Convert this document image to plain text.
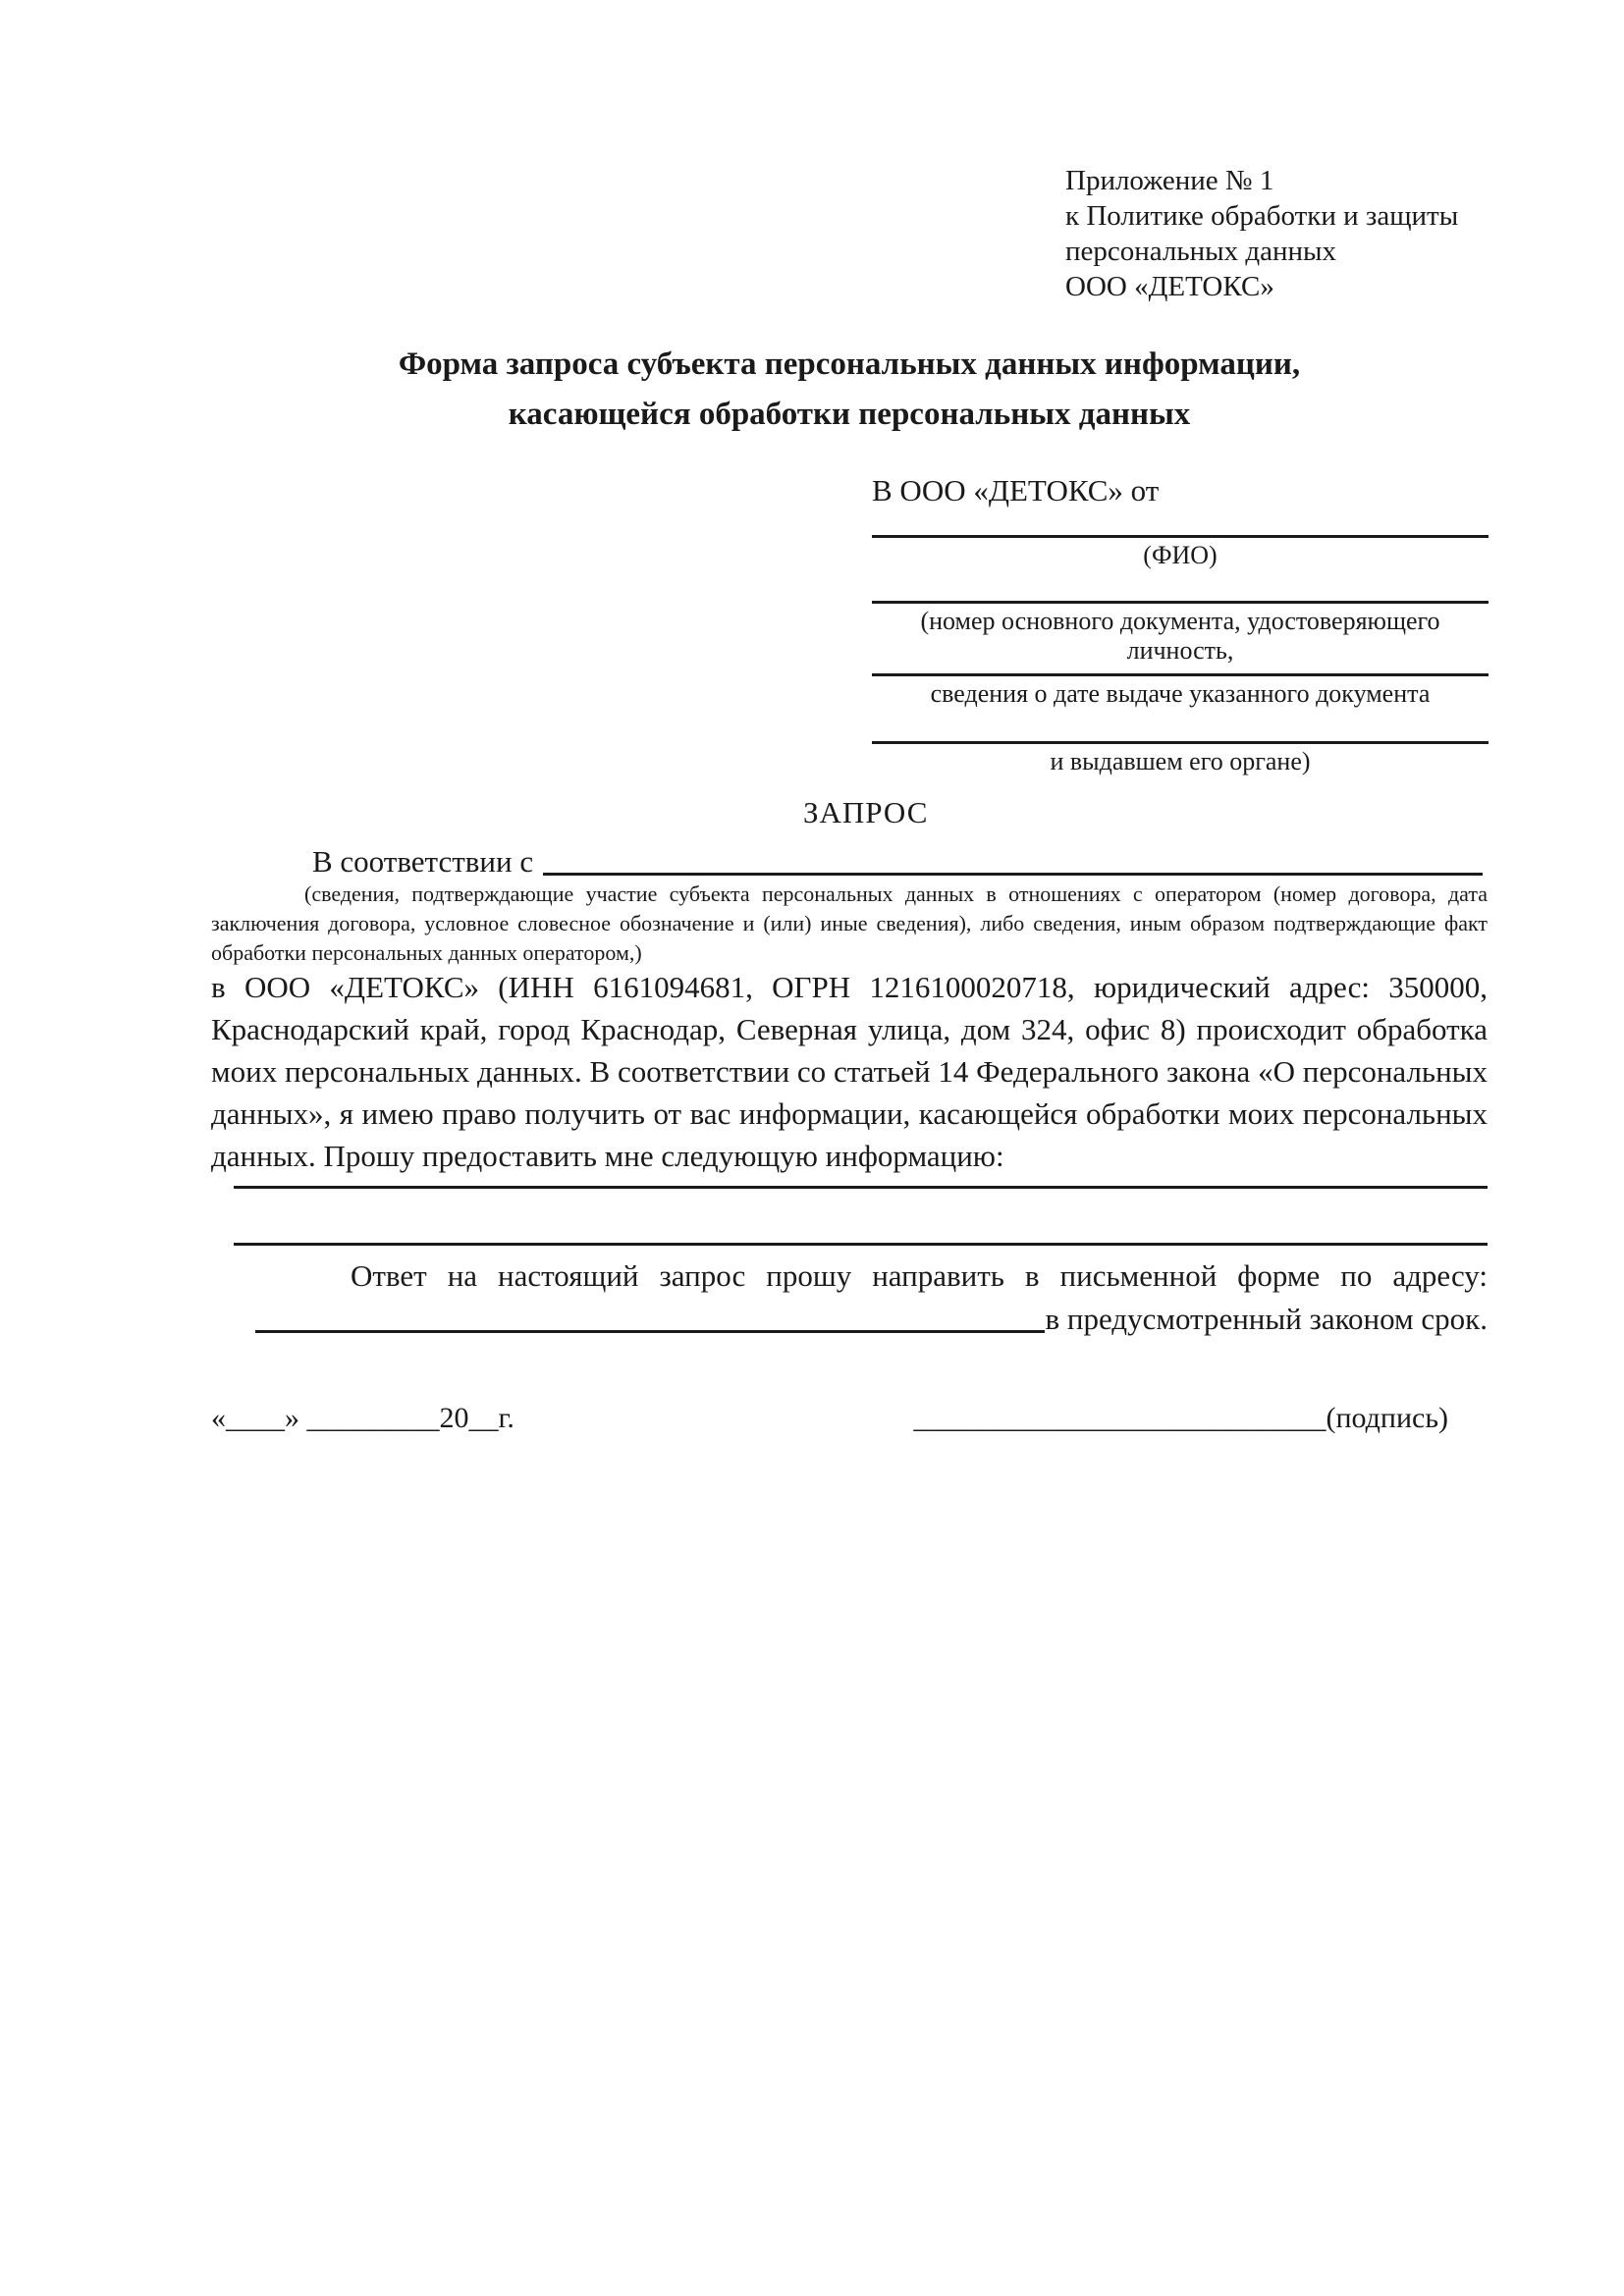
Приложение № 1
к Политике обработки и защиты
персональных данных
ООО «ДЕТОКС»
Форма запроса субъекта персональных данных информации,
касающейся обработки персональных данных
В ООО «ДЕТОКС» от
(ФИО)
(номер основного документа, удостоверяющего личность,
сведения о дате выдаче указанного документа
и выдавшем его органе)
ЗАПРОС
В соответствии с
(сведения, подтверждающие участие субъекта персональных данных в отношениях с оператором (номер договора, дата заключения договора, условное словесное обозначение и (или) иные сведения), либо сведения, иным образом подтверждающие факт обработки персональных данных оператором,)
в ООО «ДЕТОКС» (ИНН 6161094681, ОГРН 1216100020718, юридический адрес: 350000, Краснодарский край, город Краснодар, Северная улица, дом 324, офис 8) происходит обработка моих персональных данных. В соответствии со статьей 14 Федерального закона «О персональных данных», я имею право получить от вас информации, касающейся обработки моих персональных данных. Прошу предоставить мне следующую информацию:
Ответ на настоящий запрос прошу направить в письменной форме по адресу:
в предусмотренный законом срок.
«____» _________20__г.	____________________________(подпись)
